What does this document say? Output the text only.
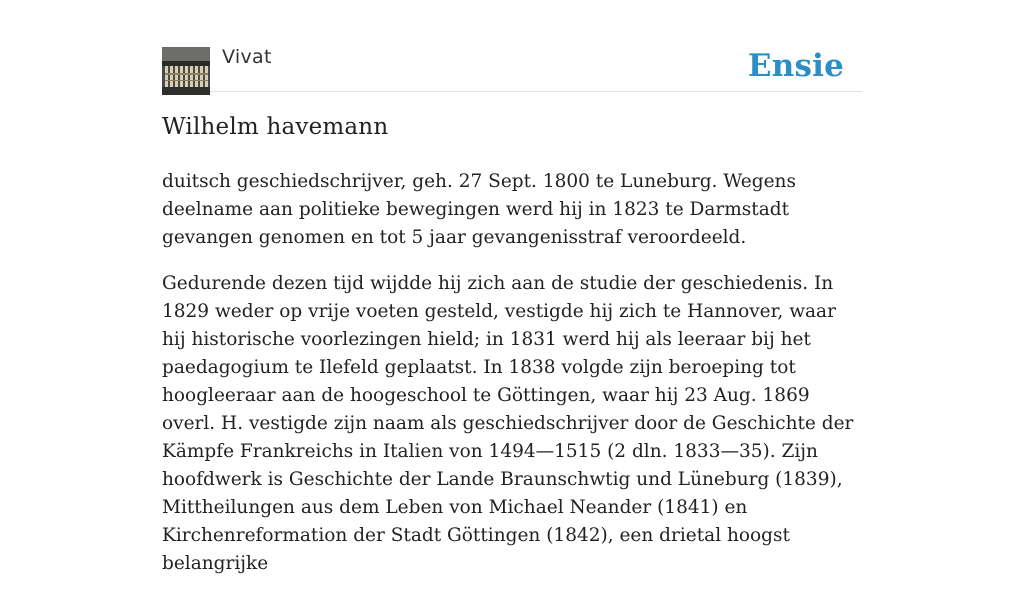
Vivat	Ensie
Wilhelm havemann

duitsch geschiedschrijver, geh. 27 Sept. 1800 te Luneburg. Wegens deelname aan politieke bewegingen werd hij in 1823 te Darmstadt gevangen genomen en tot 5 jaar gevangenisstraf veroordeeld.

Gedurende dezen tijd wijdde hij zich aan de studie der geschiedenis. In 1829 weder op vrije voeten gesteld, vestigde hij zich te Hannover, waar hij historische voorlezingen hield; in 1831 werd hij als leeraar bij het paedagogium te Ilefeld geplaatst. In 1838 volgde zijn beroeping tot hoogleeraar aan de hoogeschool te Göttingen, waar hij 23 Aug. 1869 overl. H. vestigde zijn naam als geschiedschrijver door de Geschichte der Kämpfe Frankreichs in Italien von 1494—1515 (2 dln. 1833—35). Zijn hoofdwerk is Geschichte der Lande Braunschwtig und Lüneburg (1839), Mittheilungen aus dem Leben von Michael Neander (1841) en Kirchenreformation der Stadt Göttingen (1842), een drietal hoogst belangrijke
